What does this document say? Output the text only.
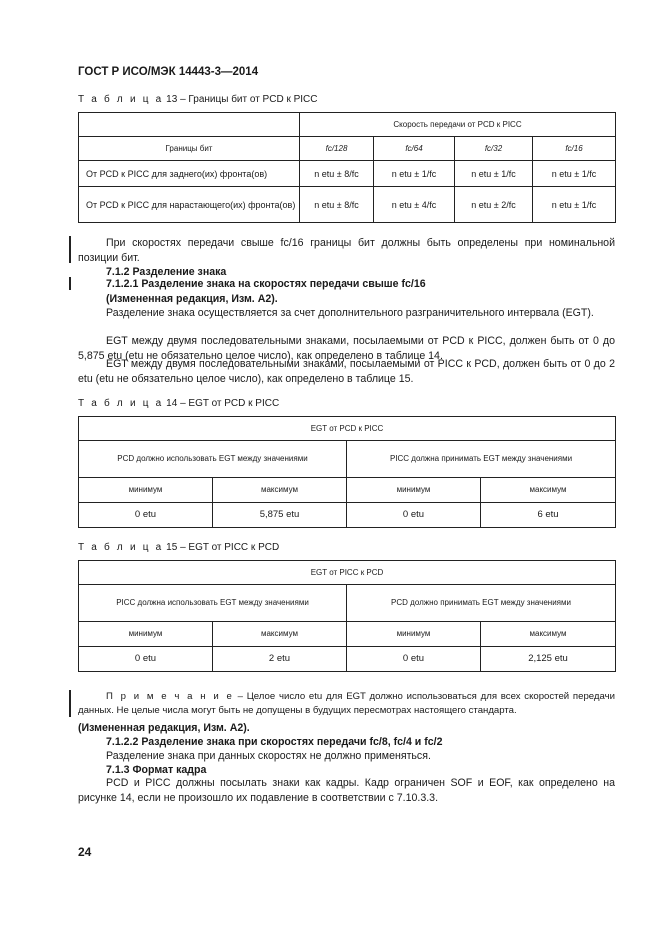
ГОСТ Р ИСО/МЭК 14443-3—2014
Т а б л и ц а 13 – Границы бит от PCD к PICC
	Скорость передачи от PCD к PICC			
Границы бит	fc/128	fc/64	fc/32	fc/16
От PCD к PICC для заднего(их) фронта(ов)	n etu ± 8/fc	n etu ± 1/fc	n etu ± 1/fc	n etu ± 1/fc
От PCD к PICC для нарастающего(их) фронта(ов)	n etu ± 8/fc	n etu ± 4/fc	n etu ± 2/fc	n etu ± 1/fc
При скоростях передачи свыше fc/16 границы бит должны быть определены при номинальной позиции бит.
7.1.2 Разделение знака
7.1.2.1 Разделение знака на скоростях передачи свыше fc/16
(Измененная редакция, Изм. А2).
Разделение знака осуществляется за счет дополнительного разграничительного интервала (EGT).
EGT между двумя последовательными знаками, посылаемыми от PCD к PICC, должен быть от 0 до 5,875 etu (etu не обязательно целое число), как определено в таблице 14.
EGT между двумя последовательными знаками, посылаемыми от PICC к PCD, должен быть от 0 до 2 etu (etu не обязательно целое число), как определено в таблице 15.
Т а б л и ц а 14 – EGT от PCD к PICC
EGT от PCD к PICC			
PCD должно использовать EGT между значениями		PICC должна принимать EGT между значениями	
минимум	максимум	минимум	максимум
0 etu	5,875 etu	0 etu	6 etu
Т а б л и ц а 15 – EGT от PICC к PCD
EGT от PICC к PCD			
PICC должна использовать EGT между значениями		PCD должно принимать EGT между значениями	
минимум	максимум	минимум	максимум
0 etu	2 etu	0 etu	2,125 etu
П р и м е ч а н и е – Целое число etu для EGT должно использоваться для всех скоростей передачи данных. Не целые числа могут быть не допущены в будущих пересмотрах настоящего стандарта.
(Измененная редакция, Изм. А2).
7.1.2.2 Разделение знака при скоростях передачи fc/8, fc/4 и fc/2
Разделение знака при данных скоростях не должно применяться.
7.1.3 Формат кадра
PCD и PICC должны посылать знаки как кадры. Кадр ограничен SOF и EOF, как определено на рисунке 14, если не произошло их подавление в соответствии с 7.10.3.3.
24
